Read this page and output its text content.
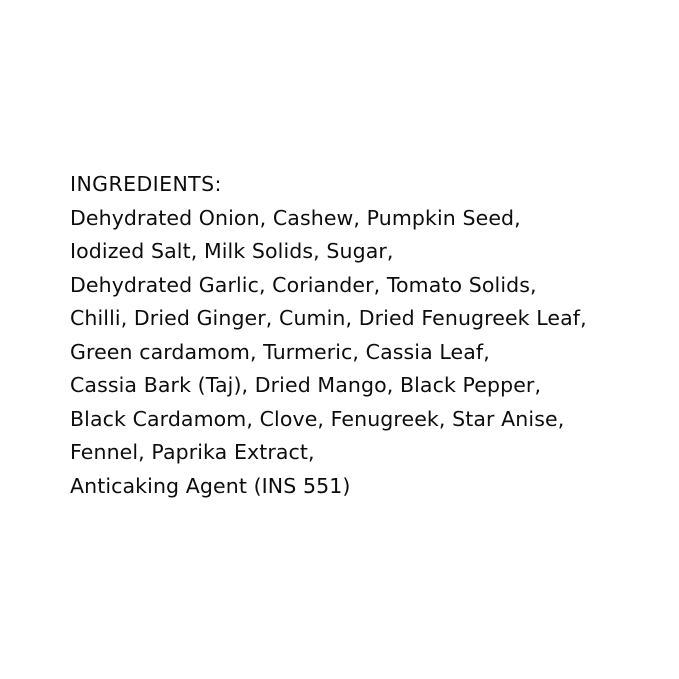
INGREDIENTS:
Dehydrated Onion, Cashew, Pumpkin Seed,
Iodized Salt, Milk Solids, Sugar,
Dehydrated Garlic, Coriander, Tomato Solids,
Chilli, Dried Ginger, Cumin, Dried Fenugreek Leaf,
Green cardamom, Turmeric, Cassia Leaf,
Cassia Bark (Taj), Dried Mango, Black Pepper,
Black Cardamom, Clove, Fenugreek, Star Anise,
Fennel, Paprika Extract,
Anticaking Agent (INS 551)
